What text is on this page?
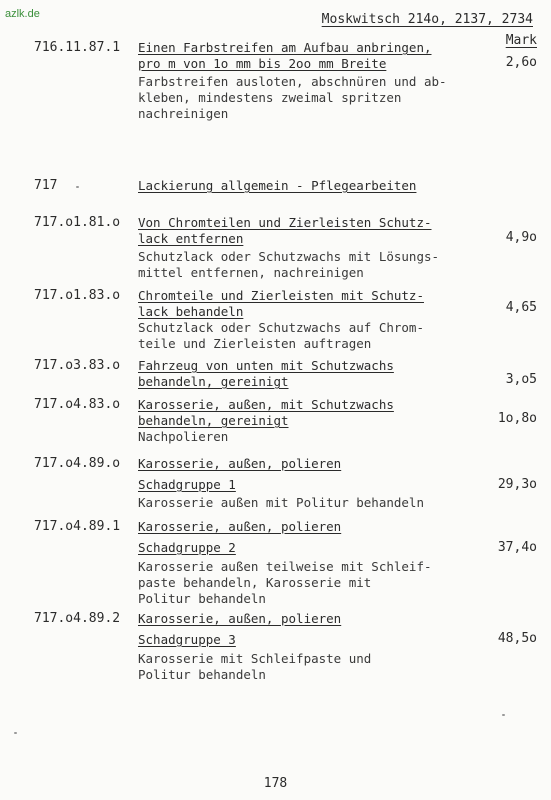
azlk.de	Moskwitsch 214o, 2137, 2734
Mark
716.11.87.1 Einen Farbstreifen am Aufbau anbringen,
pro m von 1o mm bis 2oo mm Breite	2,6o
Farbstreifen ausloten, abschnüren und ab-
kleben, mindestens zweimal spritzen
nachreinigen
717	Lackierung allgemein - Pflegearbeiten
717.o1.81.o Von Chromteilen und Zierleisten Schutz-
lack entfernen	4,9o
Schutzlack oder Schutzwachs mit Lösungs-
mittel entfernen, nachreinigen
717.o1.83.o Chromteile und Zierleisten mit Schutz-
lack behandeln	4,65
Schutzlack oder Schutzwachs auf Chrom-
teile und Zierleisten auftragen
717.o3.83.o Fahrzeug von unten mit Schutzwachs
behandeln, gereinigt	3,o5
717.o4.83.o Karosserie, außen, mit Schutzwachs
behandeln, gereinigt	1o,8o
Nachpolieren
717.o4.89.o Karosserie, außen, polieren
Schadgruppe 1	29,3o
Karosserie außen mit Politur behandeln
717.o4.89.1 Karosserie, außen, polieren
Schadgruppe 2	37,4o
Karosserie außen teilweise mit Schleif-
paste behandeln, Karosserie mit
Politur behandeln
717.o4.89.2 Karosserie, außen, polieren
Schadgruppe 3	48,5o
Karosserie mit Schleifpaste und
Politur behandeln
178
